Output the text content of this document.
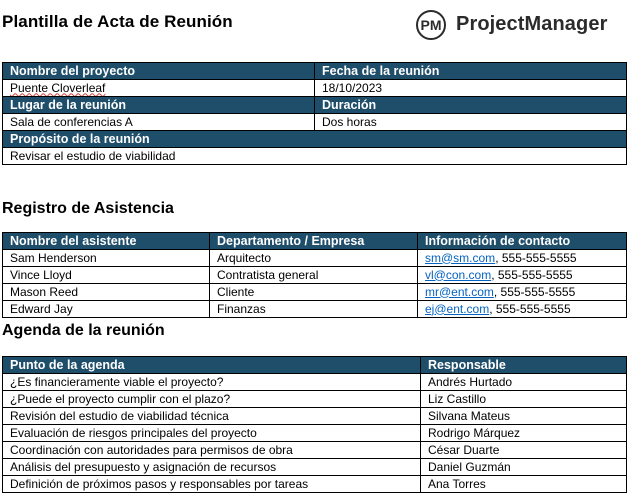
Plantilla de Acta de Reunión	PM ProjectManager
Nombre del proyecto	Fecha de la reunión
Puente Cloverleaf	18/10/2023
Lugar de la reunión	Duración
Sala de conferencias A	Dos horas
Propósito de la reunión	
Revisar el estudio de viabilidad	
Registro de Asistencia
Nombre del asistente	Departamento / Empresa	Información de contacto
Sam Henderson	Arquitecto	sm@sm.com, 555-555-5555
Vince Lloyd	Contratista general	vl@con.com, 555-555-5555
Mason Reed	Cliente	mr@ent.com, 555-555-5555
Edward Jay	Finanzas	ej@ent.com, 555-555-5555
Agenda de la reunión
Punto de la agenda	Responsable
¿Es financieramente viable el proyecto?	Andrés Hurtado
¿Puede el proyecto cumplir con el plazo?	Liz Castillo
Revisión del estudio de viabilidad técnica	Silvana Mateus
Evaluación de riesgos principales del proyecto	Rodrigo Márquez
Coordinación con autoridades para permisos de obra	César Duarte
Análisis del presupuesto y asignación de recursos	Daniel Guzmán
Definición de próximos pasos y responsables por tareas	Ana Torres
